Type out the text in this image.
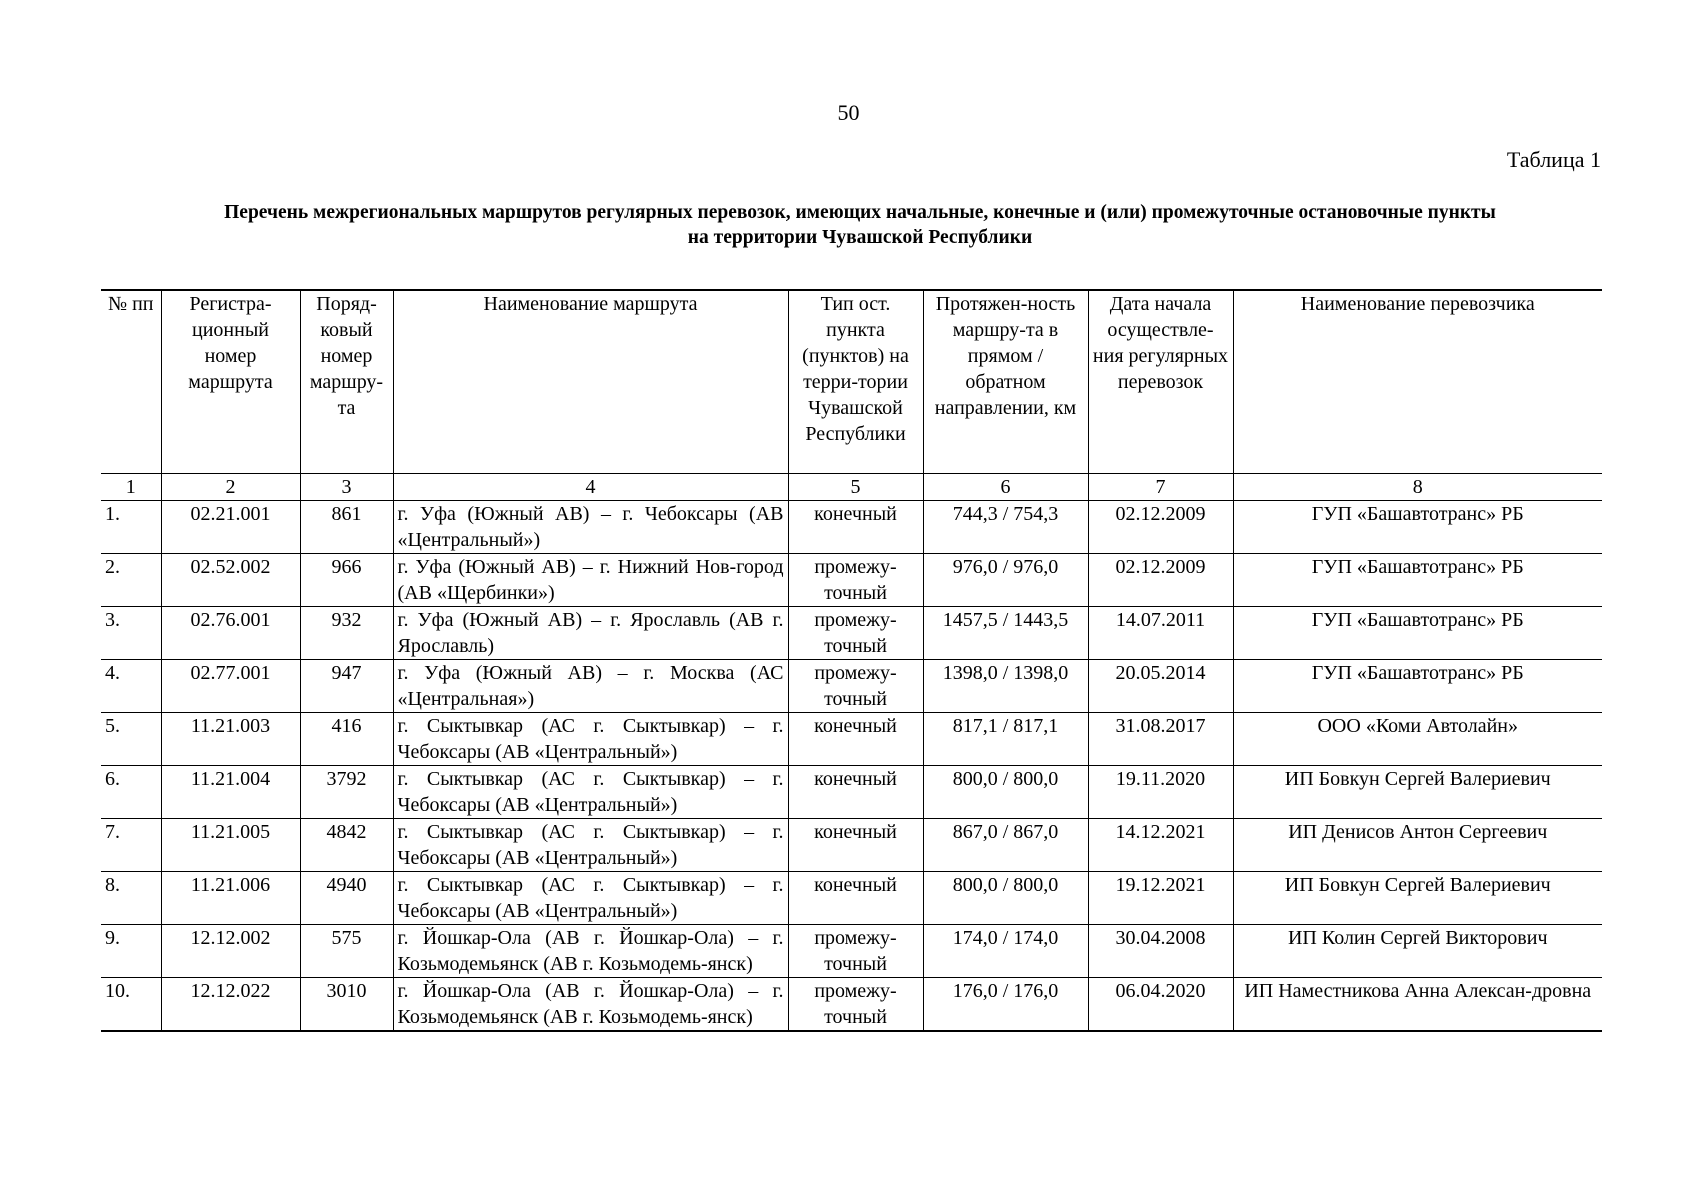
50
Таблица 1
Перечень межрегиональных маршрутов регулярных перевозок, имеющих начальные, конечные и (или) промежуточные остановочные пункты
на территории Чувашской Республики
№ пп	Регистра-ционный номер маршрута	Поряд-ковый номер маршру-та	Наименование маршрута	Тип ост. пункта (пунктов) на терри-тории Чувашской Республики	Протяжен-ность маршру-та в прямом / обратном направлении, км	Дата начала осуществле-ния регулярных перевозок	Наименование перевозчика
1	2	3	4	5	6	7	8
1.	02.21.001	861	г. Уфа (Южный АВ) – г. Чебоксары (АВ «Центральный»)	конечный	744,3 / 754,3	02.12.2009	ГУП «Башавтотранс» РБ
2.	02.52.002	966	г. Уфа (Южный АВ) – г. Нижний Нов-город (АВ «Щербинки»)	промежу-точный	976,0 / 976,0	02.12.2009	ГУП «Башавтотранс» РБ
3.	02.76.001	932	г. Уфа (Южный АВ) – г. Ярославль (АВ г. Ярославль)	промежу-точный	1457,5 / 1443,5	14.07.2011	ГУП «Башавтотранс» РБ
4.	02.77.001	947	г. Уфа (Южный АВ) – г. Москва (АС «Центральная»)	промежу-точный	1398,0 / 1398,0	20.05.2014	ГУП «Башавтотранс» РБ
5.	11.21.003	416	г. Сыктывкар (АС г. Сыктывкар) – г. Чебоксары (АВ «Центральный»)	конечный	817,1 / 817,1	31.08.2017	ООО «Коми Автолайн»
6.	11.21.004	3792	г. Сыктывкар (АС г. Сыктывкар) – г. Чебоксары (АВ «Центральный»)	конечный	800,0 / 800,0	19.11.2020	ИП Бовкун Сергей Валериевич
7.	11.21.005	4842	г. Сыктывкар (АС г. Сыктывкар) – г. Чебоксары (АВ «Центральный»)	конечный	867,0 / 867,0	14.12.2021	ИП Денисов Антон Сергеевич
8.	11.21.006	4940	г. Сыктывкар (АС г. Сыктывкар) – г. Чебоксары (АВ «Центральный»)	конечный	800,0 / 800,0	19.12.2021	ИП Бовкун Сергей Валериевич
9.	12.12.002	575	г. Йошкар-Ола (АВ г. Йошкар-Ола) – г. Козьмодемьянск (АВ г. Козьмодемь-янск)	промежу-точный	174,0 / 174,0	30.04.2008	ИП Колин Сергей Викторович
10.	12.12.022	3010	г. Йошкар-Ола (АВ г. Йошкар-Ола) – г. Козьмодемьянск (АВ г. Козьмодемь-янск)	промежу-точный	176,0 / 176,0	06.04.2020	ИП Наместникова Анна Алексан-дровна
